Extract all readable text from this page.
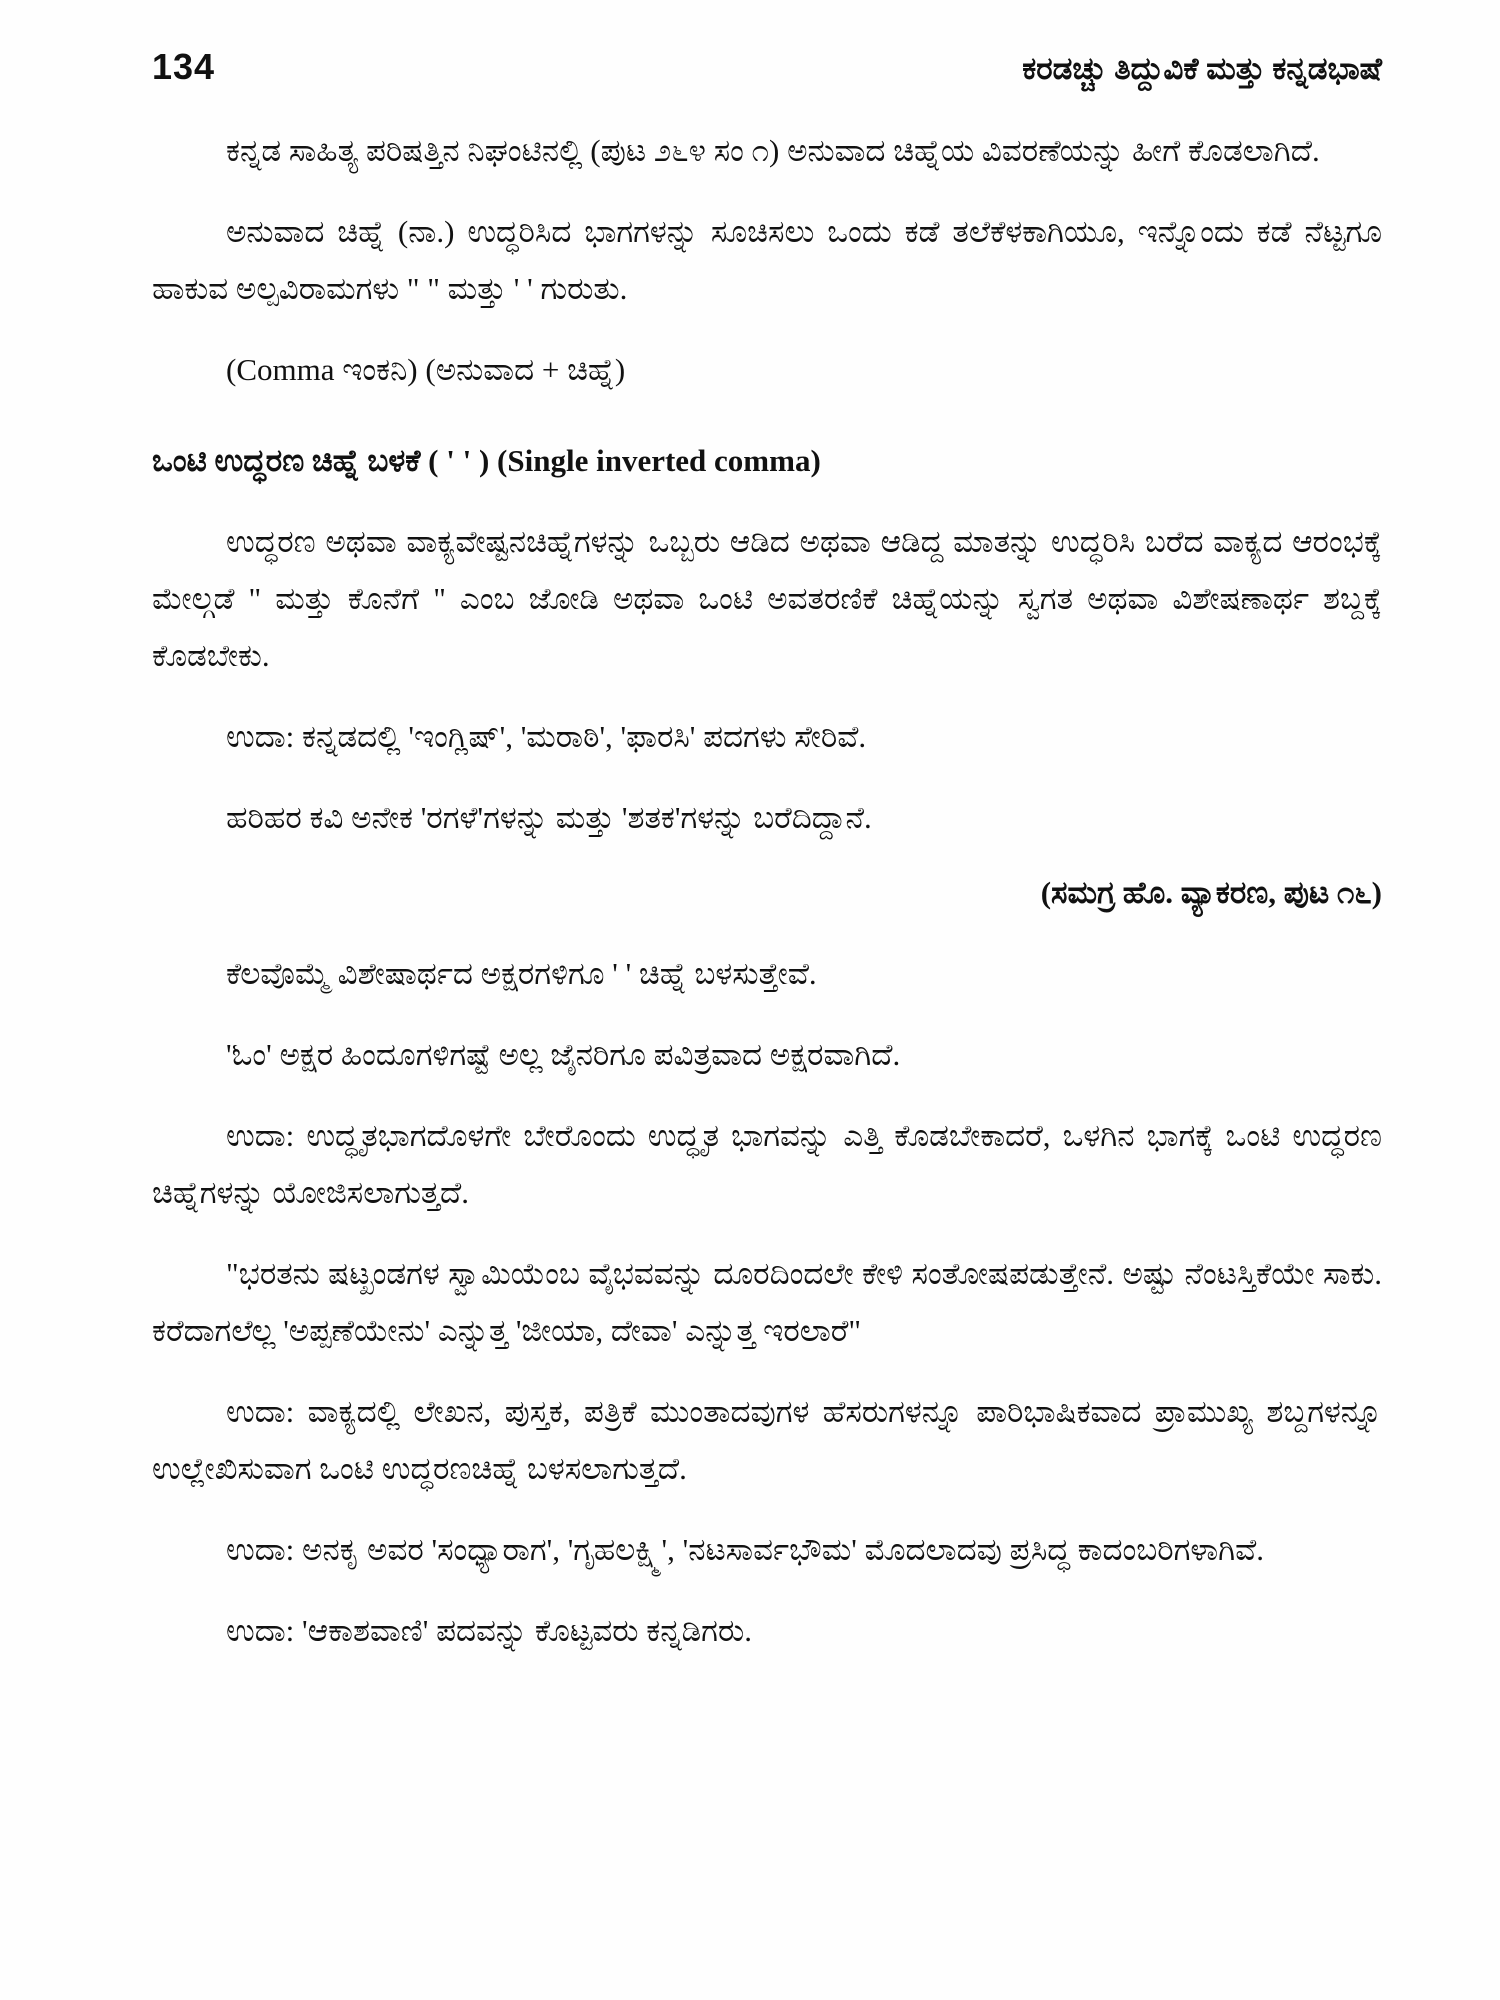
134	ಕರಡಚ್ಚು ತಿದ್ದುವಿಕೆ ಮತ್ತು ಕನ್ನಡಭಾಷೆ

ಕನ್ನಡ ಸಾಹಿತ್ಯ ಪರಿಷತ್ತಿನ ನಿಘಂಟಿನಲ್ಲಿ (ಪುಟ ೨೬೪ ಸಂ ೧) ಅನುವಾದ ಚಿಹ್ನೆಯ ವಿವರಣೆಯನ್ನು ಹೀಗೆ ಕೊಡಲಾಗಿದೆ.

ಅನುವಾದ ಚಿಹ್ನೆ (ನಾ.) ಉದ್ಧರಿಸಿದ ಭಾಗಗಳನ್ನು ಸೂಚಿಸಲು ಒಂದು ಕಡೆ ತಲೆಕೆಳಕಾಗಿಯೂ, ಇನ್ನೊಂದು ಕಡೆ ನೆಟ್ಟಗೂ ಹಾಕುವ ಅಲ್ಪವಿರಾಮಗಳು " " ಮತ್ತು ' ' ಗುರುತು.

(Comma ಇಂಕನಿ) (ಅನುವಾದ + ಚಿಹ್ನೆ)

ಒಂಟಿ ಉದ್ಧರಣ ಚಿಹ್ನೆ ಬಳಕೆ ( ' ' ) (Single inverted comma)

ಉದ್ಧರಣ ಅಥವಾ ವಾಕ್ಯವೇಷ್ಟನಚಿಹ್ನೆಗಳನ್ನು ಒಬ್ಬರು ಆಡಿದ ಅಥವಾ ಆಡಿದ್ದ ಮಾತನ್ನು ಉದ್ಧರಿಸಿ ಬರೆದ ವಾಕ್ಯದ ಆರಂಭಕ್ಕೆ ಮೇಲ್ಗಡೆ " ಮತ್ತು ಕೊನೆಗೆ " ಎಂಬ ಜೋಡಿ ಅಥವಾ ಒಂಟಿ ಅವತರಣಿಕೆ ಚಿಹ್ನೆಯನ್ನು ಸ್ವಗತ ಅಥವಾ ವಿಶೇಷಣಾರ್ಥ ಶಬ್ದಕ್ಕೆ ಕೊಡಬೇಕು.

ಉದಾ: ಕನ್ನಡದಲ್ಲಿ 'ಇಂಗ್ಲಿಷ್', 'ಮರಾಠಿ', 'ಫಾರಸಿ' ಪದಗಳು ಸೇರಿವೆ.

ಹರಿಹರ ಕವಿ ಅನೇಕ 'ರಗಳೆ'ಗಳನ್ನು ಮತ್ತು 'ಶತಕ'ಗಳನ್ನು ಬರೆದಿದ್ದಾನೆ.

(ಸಮಗ್ರ ಹೊ. ವ್ಯಾಕರಣ, ಪುಟ ೧೬)

ಕೆಲವೊಮ್ಮೆ ವಿಶೇಷಾರ್ಥದ ಅಕ್ಷರಗಳಿಗೂ ' ' ಚಿಹ್ನೆ ಬಳಸುತ್ತೇವೆ.

'ಓಂ' ಅಕ್ಷರ ಹಿಂದೂಗಳಿಗಷ್ಟೆ ಅಲ್ಲ ಜೈನರಿಗೂ ಪವಿತ್ರವಾದ ಅಕ್ಷರವಾಗಿದೆ.

ಉದಾ: ಉದ್ಧೃತಭಾಗದೊಳಗೇ ಬೇರೊಂದು ಉದ್ಧೃತ ಭಾಗವನ್ನು ಎತ್ತಿ ಕೊಡಬೇಕಾದರೆ, ಒಳಗಿನ ಭಾಗಕ್ಕೆ ಒಂಟಿ ಉದ್ಧರಣ ಚಿಹ್ನೆಗಳನ್ನು ಯೋಜಿಸಲಾಗುತ್ತದೆ.

"ಭರತನು ಷಟ್ಖಂಡಗಳ ಸ್ವಾಮಿಯೆಂಬ ವೈಭವವನ್ನು ದೂರದಿಂದಲೇ ಕೇಳಿ ಸಂತೋಷಪಡುತ್ತೇನೆ. ಅಷ್ಟು ನೆಂಟಸ್ತಿಕೆಯೇ ಸಾಕು. ಕರೆದಾಗಲೆಲ್ಲ 'ಅಪ್ಪಣೆಯೇನು' ಎನ್ನುತ್ತ 'ಜೀಯಾ, ದೇವಾ' ಎನ್ನುತ್ತ ಇರಲಾರೆ"

ಉದಾ: ವಾಕ್ಯದಲ್ಲಿ ಲೇಖನ, ಪುಸ್ತಕ, ಪತ್ರಿಕೆ ಮುಂತಾದವುಗಳ ಹೆಸರುಗಳನ್ನೂ ಪಾರಿಭಾಷಿಕವಾದ ಪ್ರಾಮುಖ್ಯ ಶಬ್ದಗಳನ್ನೂ ಉಲ್ಲೇಖಿಸುವಾಗ ಒಂಟಿ ಉದ್ಧರಣಚಿಹ್ನೆ ಬಳಸಲಾಗುತ್ತದೆ.

ಉದಾ: ಅನಕೃ ಅವರ 'ಸಂಧ್ಯಾರಾಗ', 'ಗೃಹಲಕ್ಷ್ಮಿ', 'ನಟಸಾರ್ವಭೌಮ' ಮೊದಲಾದವು ಪ್ರಸಿದ್ಧ ಕಾದಂಬರಿಗಳಾಗಿವೆ.

ಉದಾ: 'ಆಕಾಶವಾಣಿ' ಪದವನ್ನು ಕೊಟ್ಟವರು ಕನ್ನಡಿಗರು.
